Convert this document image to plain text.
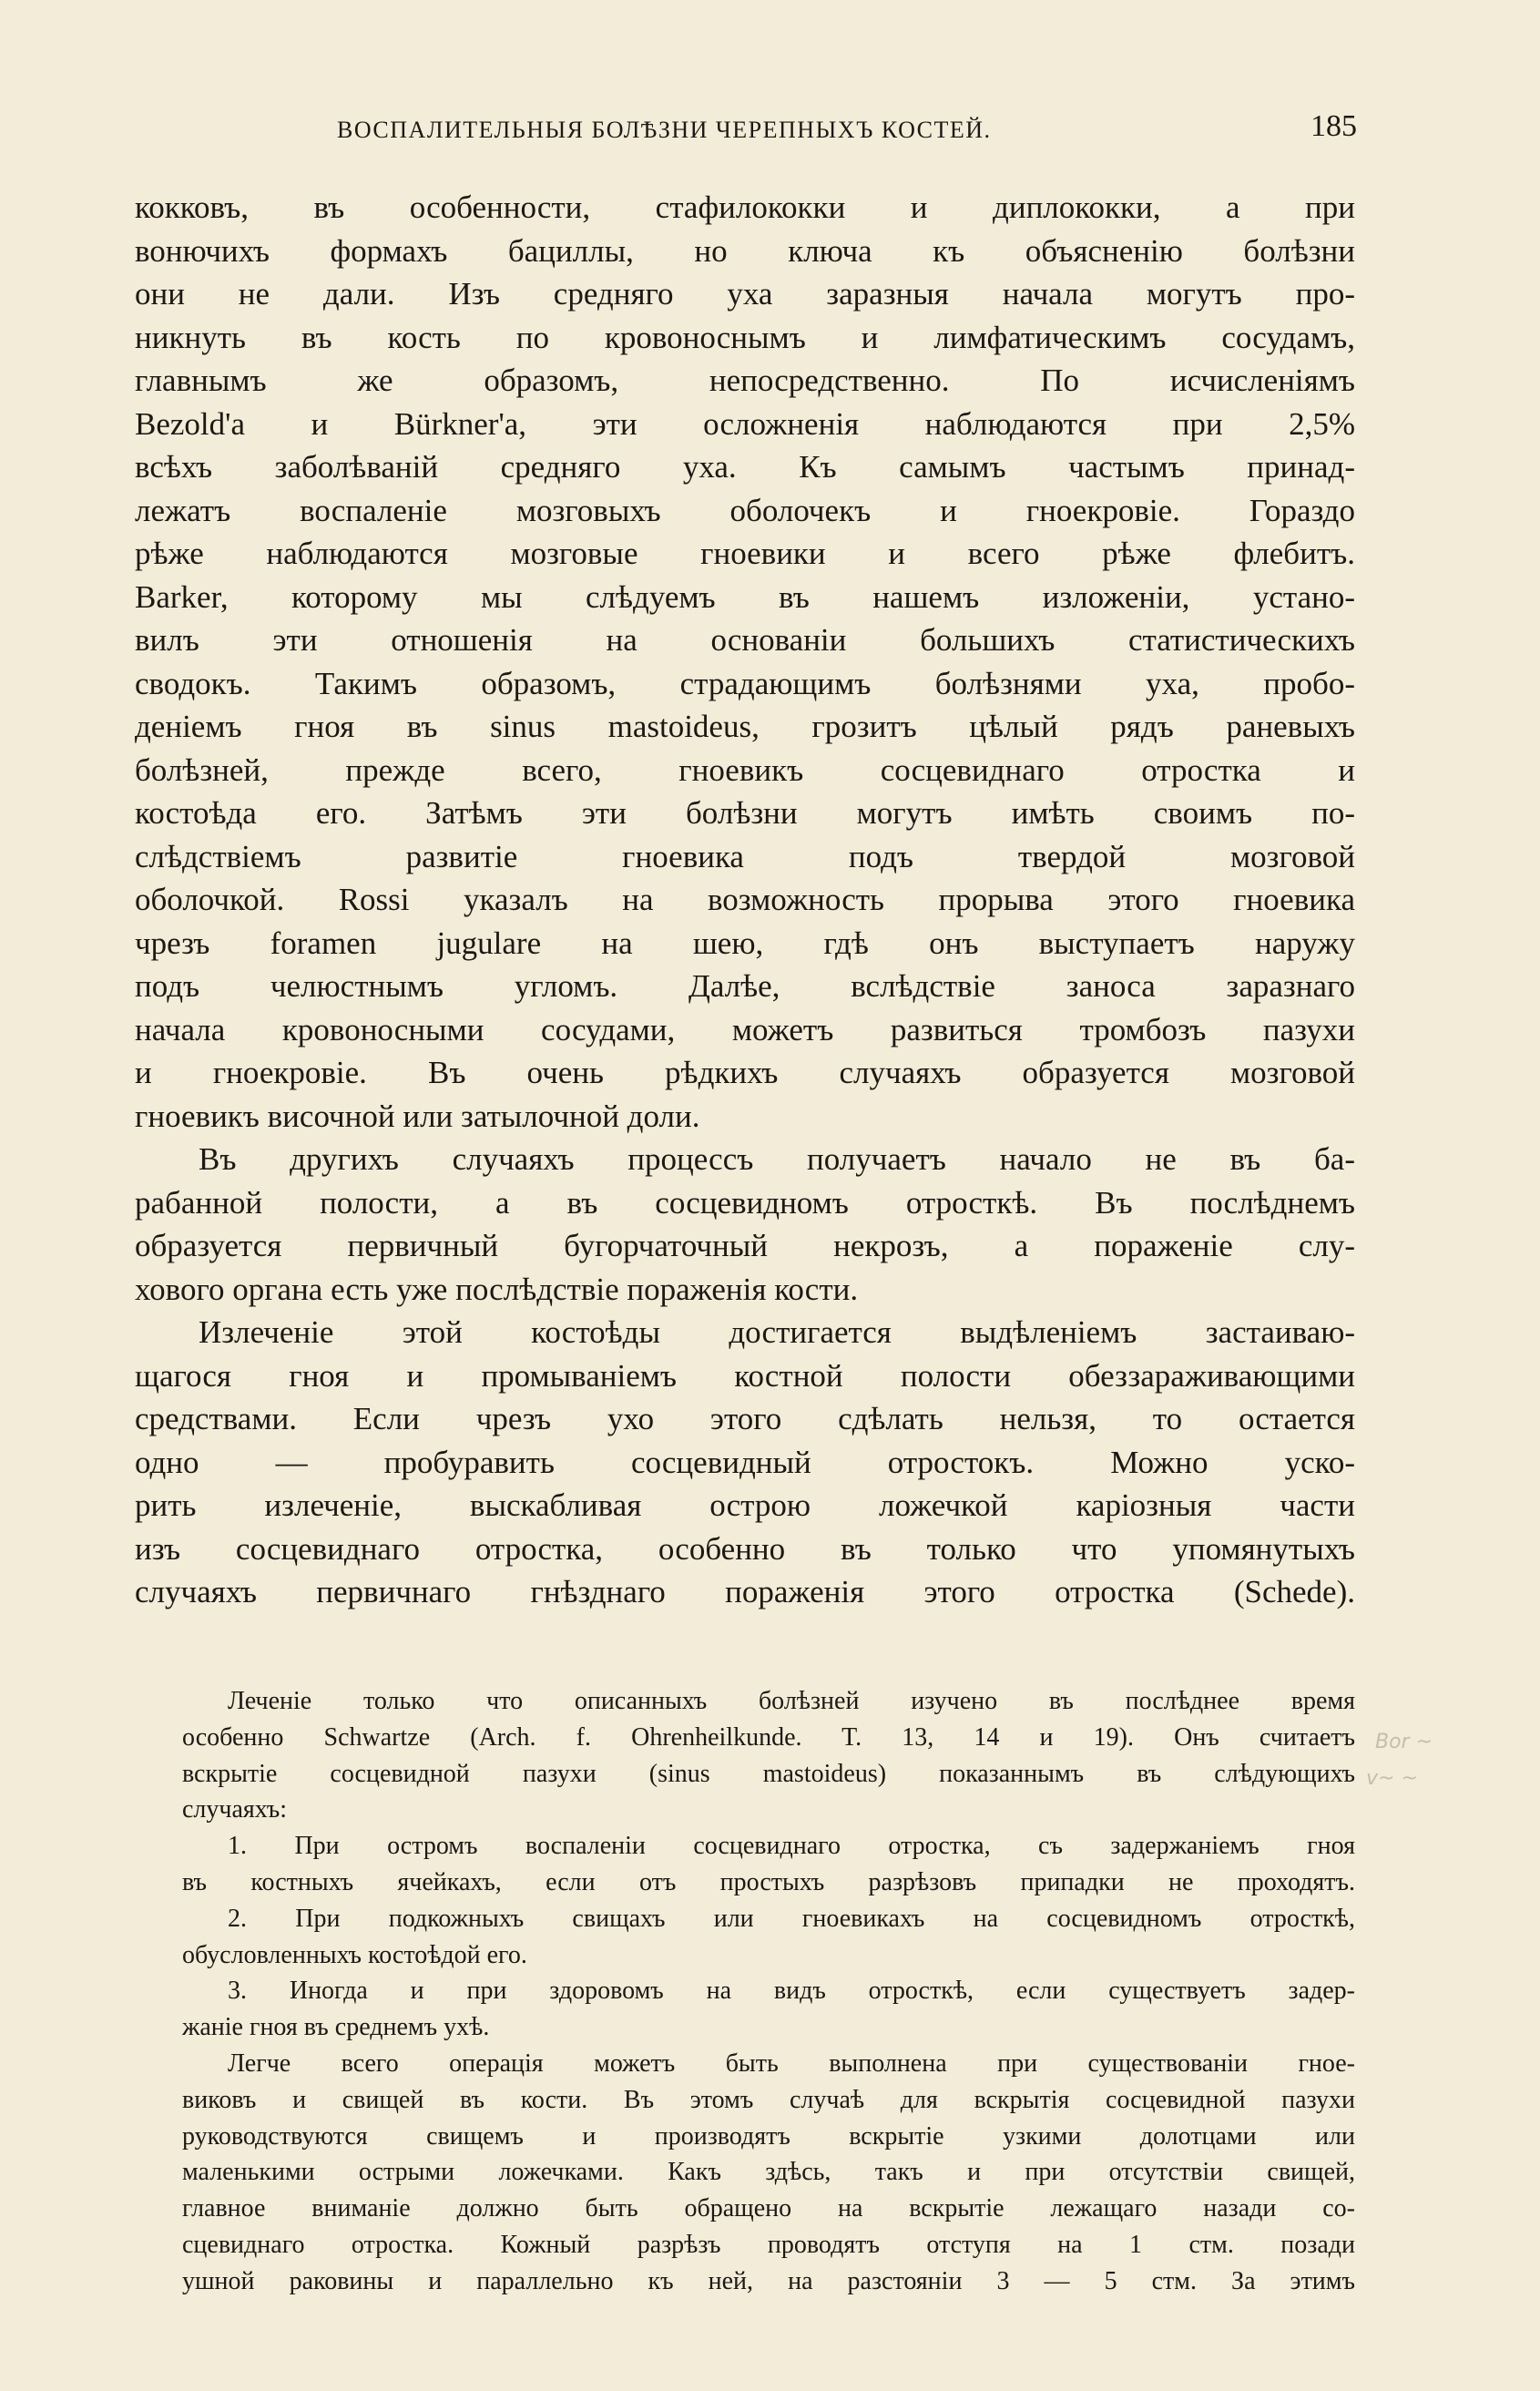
ВОСПАЛИТЕЛЬНЫЯ БОЛѢЗНИ ЧЕРЕПНЫХЪ КОСТЕЙ.	185
кокковъ, въ особенности, стафилококки и диплококки, а при
вонючихъ формахъ бациллы, но ключа къ объясненію болѣзни
они не дали. Изъ средняго уха заразныя начала могутъ про-
никнуть въ кость по кровоноснымъ и лимфатическимъ сосудамъ,
главнымъ же образомъ, непосредственно. По исчисленіямъ
Bezold'а и Bürkner'а, эти осложненія наблюдаются при 2,5%
всѣхъ заболѣваній средняго уха. Къ самымъ частымъ принад-
лежатъ воспаленіе мозговыхъ оболочекъ и гноекровіе. Гораздо
рѣже наблюдаются мозговые гноевики и всего рѣже флебитъ.
Barker, которому мы слѣдуемъ въ нашемъ изложеніи, устано-
вилъ эти отношенія на основаніи большихъ статистическихъ
сводокъ. Такимъ образомъ, страдающимъ болѣзнями уха, пробо-
деніемъ гноя въ sinus mastoideus, грозитъ цѣлый рядъ раневыхъ
болѣзней, прежде всего, гноевикъ сосцевиднаго отростка и
костоѣда его. Затѣмъ эти болѣзни могутъ имѣть своимъ по-
слѣдствіемъ развитіе гноевика подъ твердой мозговой
оболочкой. Rossi указалъ на возможность прорыва этого гноевика
чрезъ foramen jugulare на шею, гдѣ онъ выступаетъ наружу
подъ челюстнымъ угломъ. Далѣе, вслѣдствіе заноса заразнаго
начала кровоносными сосудами, можетъ развиться тромбозъ пазухи
и гноекровіе. Въ очень рѣдкихъ случаяхъ образуется мозговой
гноевикъ височной или затылочной доли.
Въ другихъ случаяхъ процессъ получаетъ начало не въ ба-
рабанной полости, а въ сосцевидномъ отросткѣ. Въ послѣднемъ
образуется первичный бугорчаточный некрозъ, а пораженіе слу-
хового органа есть уже послѣдствіе пораженія кости.
Излеченіе этой костоѣды достигается выдѣленіемъ застаиваю-
щагося гноя и промываніемъ костной полости обеззараживающими
средствами. Если чрезъ ухо этого сдѣлать нельзя, то остается
одно — пробуравить сосцевидный отростокъ. Можно уско-
рить излеченіе, выскабливая острою ложечкой каріозныя части
изъ сосцевиднаго отростка, особенно въ только что упомянутыхъ
случаяхъ первичнаго гнѣзднаго пораженія этого отростка (Schede).
Леченіе только что описанныхъ болѣзней изучено въ послѣднее время
особенно Schwartze (Arch. f. Ohrenheilkunde. T. 13, 14 и 19). Онъ считаетъ
вскрытіе сосцевидной пазухи (sinus mastoideus) показаннымъ въ слѣдующихъ
случаяхъ:
1. При остромъ воспаленіи сосцевиднаго отростка, съ задержаніемъ гноя
въ костныхъ ячейкахъ, если отъ простыхъ разрѣзовъ припадки не проходятъ.
2. При подкожныхъ свищахъ или гноевикахъ на сосцевидномъ отросткѣ,
обусловленныхъ костоѣдой его.
3. Иногда и при здоровомъ на видъ отросткѣ, если существуетъ задер-
жаніе гноя въ среднемъ ухѣ.
Легче всего операція можетъ быть выполнена при существованіи гное-
виковъ и свищей въ кости. Въ этомъ случаѣ для вскрытія сосцевидной пазухи
руководствуются свищемъ и производятъ вскрытіе узкими долотцами или
маленькими острыми ложечками. Какъ здѣсь, такъ и при отсутствіи свищей,
главное вниманіе должно быть обращено на вскрытіе лежащаго назади со-
сцевиднаго отростка. Кожный разрѣзъ проводятъ отступя на 1 стм. позади
ушной раковины и параллельно къ ней, на разстояніи 3 — 5 стм. За этимъ
Bor ~
v~ ~
